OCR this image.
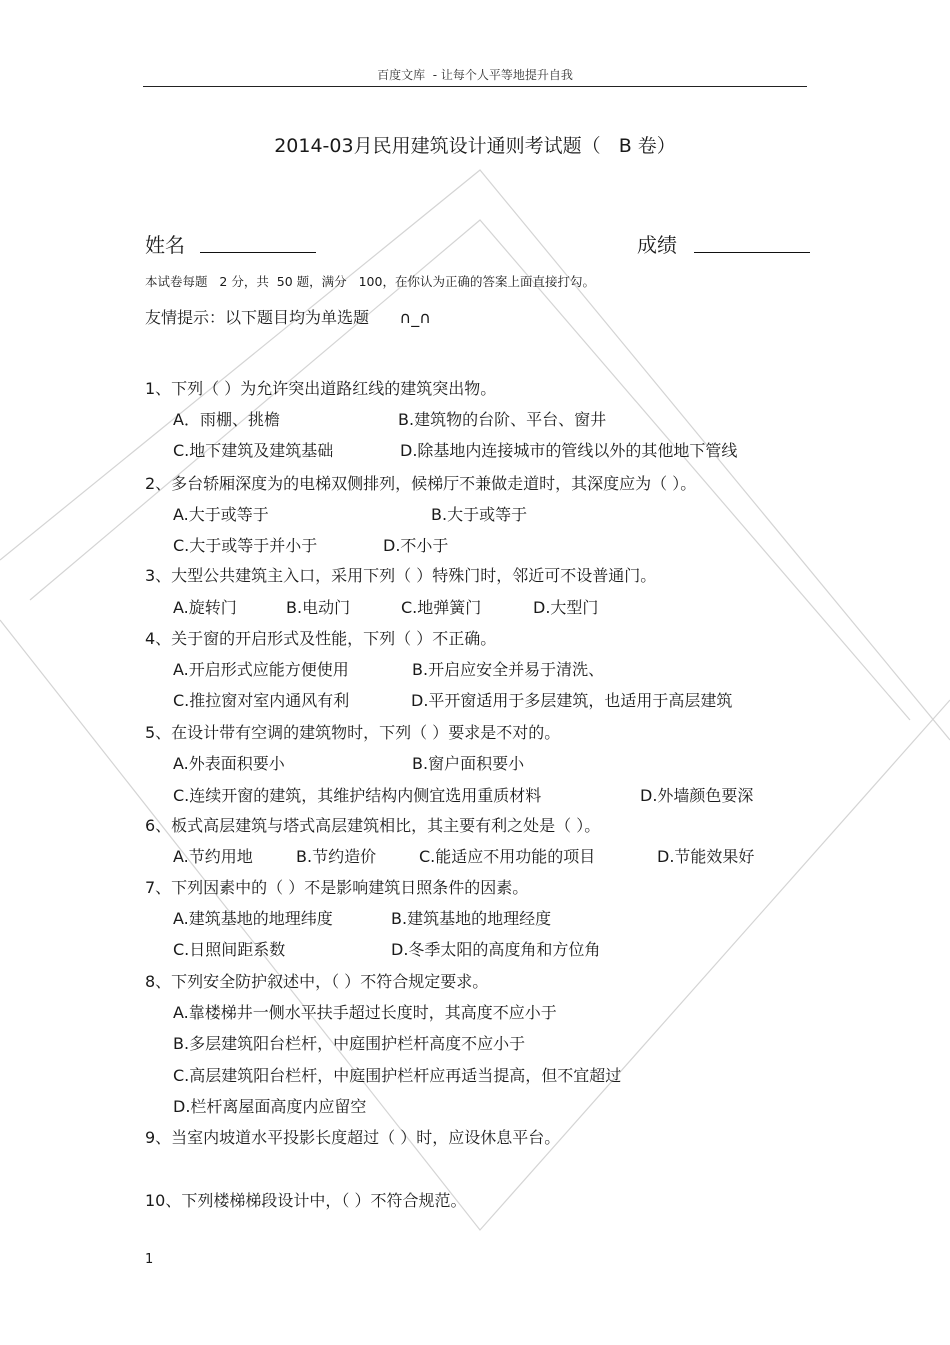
百度文库  - 让每个人平等地提升自我
2014-03月民用建筑设计通则考试题（   B 卷）
姓名	成绩
本试卷每题   2 分，共  50 题，满分   100，在你认为正确的答案上面直接打勾。
友情提示：以下题目均为单选题      ∩_∩
1、下列（ ）为允许突出道路红线的建筑突出物。
A．雨棚、挑檐	B.建筑物的台阶、平台、窗井
C.地下建筑及建筑基础	D.除基地内连接城市的管线以外的其他地下管线
2、多台轿厢深度为的电梯双侧排列，候梯厅不兼做走道时，其深度应为（ ）。
A.大于或等于	B.大于或等于
C.大于或等于并小于	D.不小于
3、大型公共建筑主入口，采用下列（ ）特殊门时，邻近可不设普通门。
A.旋转门	B.电动门	C.地弹簧门	D.大型门
4、关于窗的开启形式及性能，下列（ ）不正确。
A.开启形式应能方便使用	B.开启应安全并易于清洗、
C.推拉窗对室内通风有利	D.平开窗适用于多层建筑，也适用于高层建筑
5、在设计带有空调的建筑物时，下列（ ）要求是不对的。
A.外表面积要小	B.窗户面积要小
C.连续开窗的建筑，其维护结构内侧宜选用重质材料	D.外墙颜色要深
6、板式高层建筑与塔式高层建筑相比，其主要有利之处是（ ）。
A.节约用地	B.节约造价	C.能适应不用功能的项目	D.节能效果好
7、下列因素中的（ ）不是影响建筑日照条件的因素。
A.建筑基地的地理纬度	B.建筑基地的地理经度
C.日照间距系数	D.冬季太阳的高度角和方位角
8、下列安全防护叙述中，（ ）不符合规定要求。
A.靠楼梯井一侧水平扶手超过长度时，其高度不应小于
B.多层建筑阳台栏杆，中庭围护栏杆高度不应小于
C.高层建筑阳台栏杆，中庭围护栏杆应再适当提高，但不宜超过
D.栏杆离屋面高度内应留空
9、当室内坡道水平投影长度超过（ ）时，应设休息平台。
10、下列楼梯梯段设计中，（ ）不符合规范。
1
